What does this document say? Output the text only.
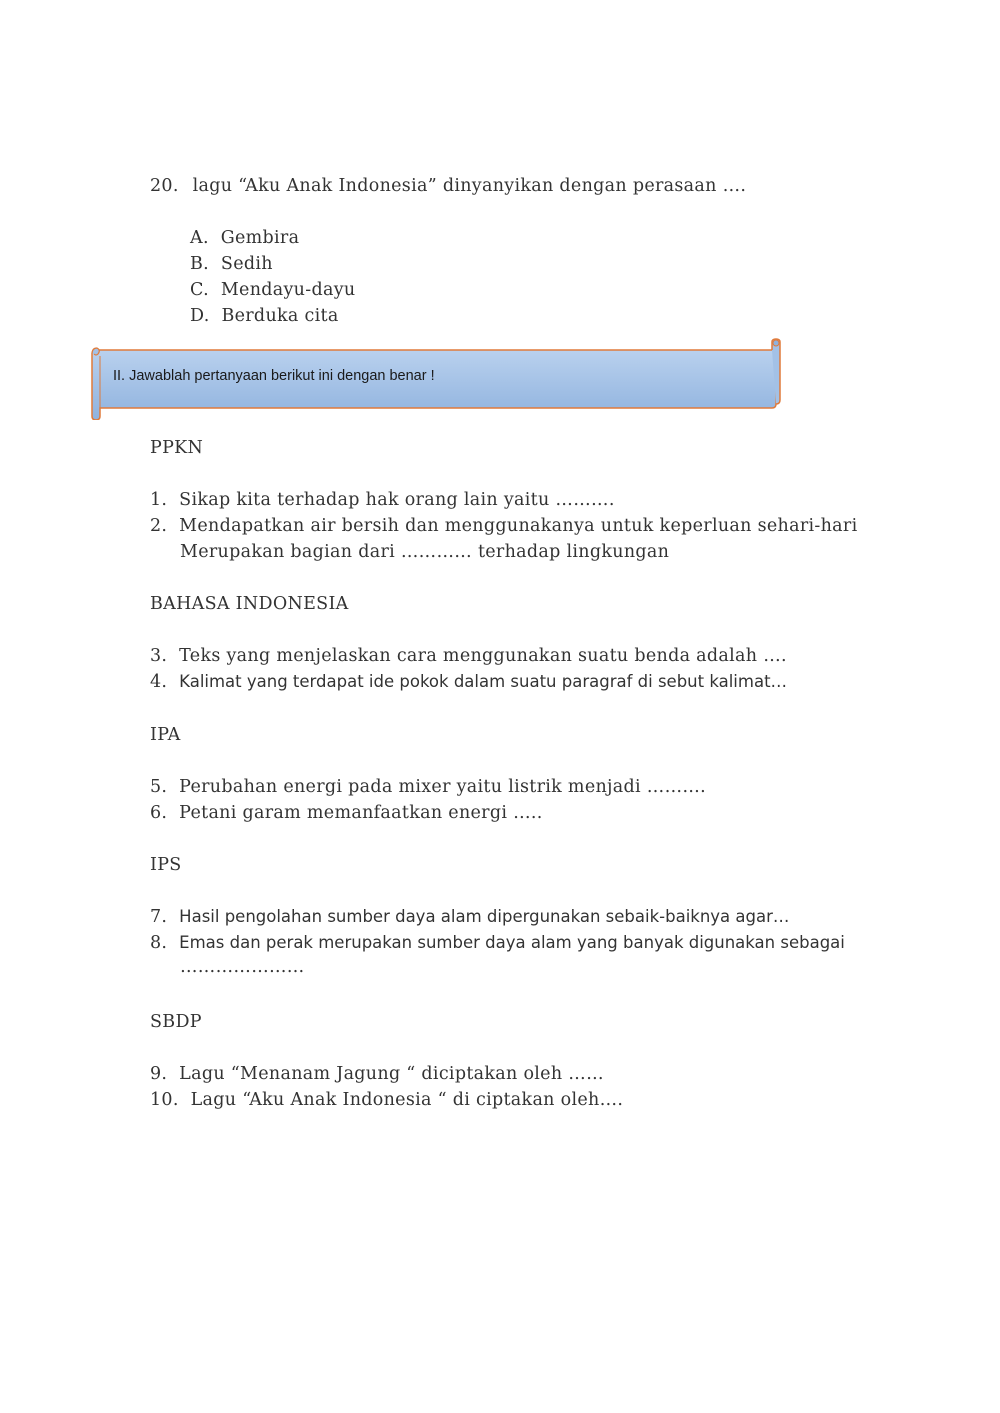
20. lagu “Aku Anak Indonesia” dinyanyikan dengan perasaan ….
A. Gembira
B. Sedih
C. Mendayu-dayu
D. Berduka cita
II. Jawablah pertanyaan berikut ini dengan benar !
PPKN
1. Sikap kita terhadap hak orang lain yaitu ……….
2. Mendapatkan air bersih dan menggunakanya untuk keperluan sehari-hari
Merupakan bagian dari ………… terhadap lingkungan
BAHASA INDONESIA
3. Teks yang menjelaskan cara menggunakan suatu benda adalah ….
4. Kalimat yang terdapat ide pokok dalam suatu paragraf di sebut kalimat…
IPA
5. Perubahan energi pada mixer yaitu listrik menjadi ……….
6. Petani garam memanfaatkan energi …..
IPS
7. Hasil pengolahan sumber daya alam dipergunakan sebaik-baiknya agar…
8. Emas dan perak merupakan sumber daya alam yang banyak digunakan sebagai
…………………
SBDP
9. Lagu “Menanam Jagung “ diciptakan oleh ……
10. Lagu “Aku Anak Indonesia “ di ciptakan oleh….
